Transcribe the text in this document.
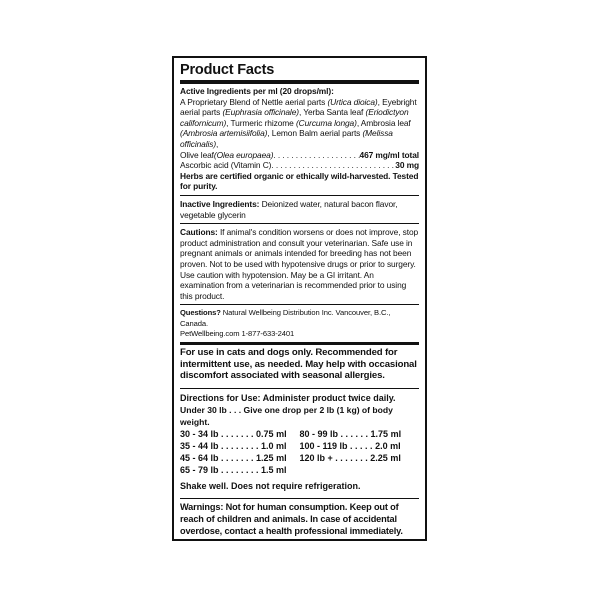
Product Facts
Active Ingredients per ml (20 drops/ml):
A Proprietary Blend of Nettle aerial parts (Urtica dioica), Eyebright aerial parts (Euphrasia officinale), Yerba Santa leaf (Eriodictyon californicum), Turmeric rhizome (Curcuma longa), Ambrosia leaf (Ambrosia artemisiifolia), Lemon Balm aerial parts (Melissa officinalis),
Olive leaf (Olea europaea) . . .	467 mg/ml total
Ascorbic acid (Vitamin C) . . .	30 mg
Herbs are certified organic or ethically wild-harvested. Tested for purity.
Inactive Ingredients: Deionized water, natural bacon flavor, vegetable glycerin
Cautions: If animal's condition worsens or does not improve, stop product administration and consult your veterinarian. Safe use in pregnant animals or animals intended for breeding has not been proven. Not to be used with hypotensive drugs or prior to surgery. Use caution with hypotension. May be a GI irritant. An examination from a veterinarian is recommended prior to using this product.
Questions? Natural Wellbeing Distribution Inc. Vancouver, B.C., Canada.
PetWellbeing.com 1-877-633-2401
For use in cats and dogs only. Recommended for intermittent use, as needed. May help with occasional discomfort associated with seasonal allergies.
Directions for Use: Administer product twice daily.
Under 30 lb . . . Give one drop per 2 lb (1 kg) of body weight.
30 - 34 lb . . . . . . . 0.75 ml
35 - 44 lb . . . . . . . . 1.0 ml
45 - 64 lb . . . . . . . 1.25 ml
65 - 79 lb . . . . . . . . 1.5 ml
80 - 99 lb . . . . . . 1.75 ml
100 - 119 lb . . . . . 2.0 ml
120 lb + . . . . . . . 2.25 ml
Shake well. Does not require refrigeration.
Warnings: Not for human consumption. Keep out of reach of children and animals. In case of accidental overdose, contact a health professional immediately.
